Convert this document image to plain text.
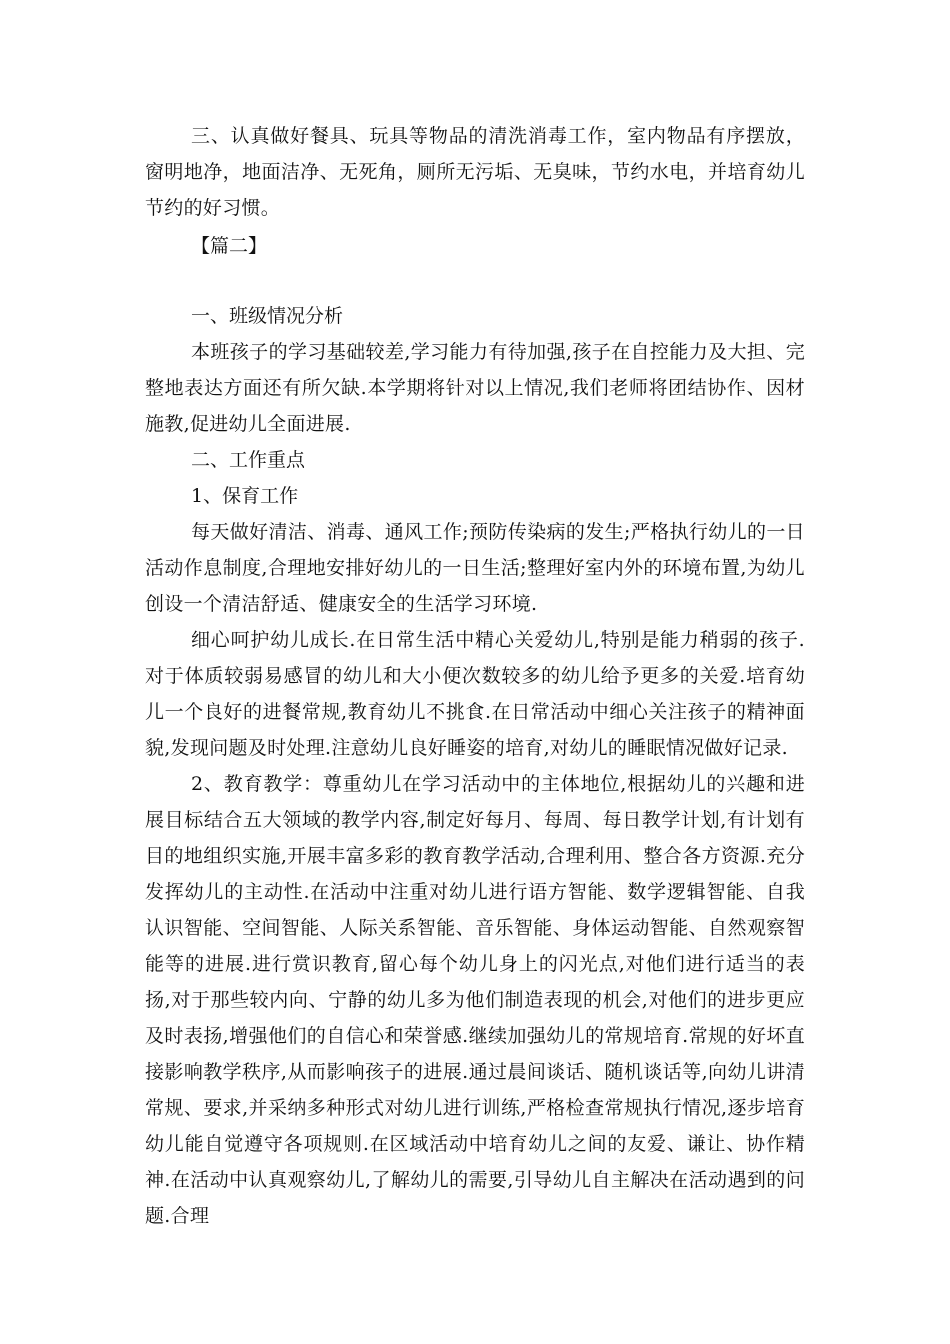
三、认真做好餐具、玩具等物品的清洗消毒工作，室内物品有序摆放，窗明地净，地面洁净、无死角，厕所无污垢、无臭味，节约水电，并培育幼儿节约的好习惯。

【篇二】

一、班级情况分析

本班孩子的学习基础较差,学习能力有待加强,孩子在自控能力及大担、完整地表达方面还有所欠缺.本学期将针对以上情况,我们老师将团结协作、因材施教,促进幼儿全面进展.

二、工作重点

1、保育工作

每天做好清洁、消毒、通风工作;预防传染病的发生;严格执行幼儿的一日活动作息制度,合理地安排好幼儿的一日生活;整理好室内外的环境布置,为幼儿创设一个清洁舒适、健康安全的生活学习环境.

细心呵护幼儿成长.在日常生活中精心关爱幼儿,特别是能力稍弱的孩子.对于体质较弱易感冒的幼儿和大小便次数较多的幼儿给予更多的关爱.培育幼儿一个良好的进餐常规,教育幼儿不挑食.在日常活动中细心关注孩子的精神面貌,发现问题及时处理.注意幼儿良好睡姿的培育,对幼儿的睡眠情况做好记录.

2、教育教学：尊重幼儿在学习活动中的主体地位,根据幼儿的兴趣和进展目标结合五大领域的教学内容,制定好每月、每周、每日教学计划,有计划有目的地组织实施,开展丰富多彩的教育教学活动,合理利用、整合各方资源.充分发挥幼儿的主动性.在活动中注重对幼儿进行语方智能、数学逻辑智能、自我认识智能、空间智能、人际关系智能、音乐智能、身体运动智能、自然观察智能等的进展.进行赏识教育,留心每个幼儿身上的闪光点,对他们进行适当的表扬,对于那些较内向、宁静的幼儿多为他们制造表现的机会,对他们的进步更应及时表扬,增强他们的自信心和荣誉感.继续加强幼儿的常规培育.常规的好坏直接影响教学秩序,从而影响孩子的进展.通过晨间谈话、随机谈话等,向幼儿讲清常规、要求,并采纳多种形式对幼儿进行训练,严格检查常规执行情况,逐步培育幼儿能自觉遵守各项规则.在区域活动中培育幼儿之间的友爱、谦让、协作精神.在活动中认真观察幼儿,了解幼儿的需要,引导幼儿自主解决在活动遇到的问题.合理
